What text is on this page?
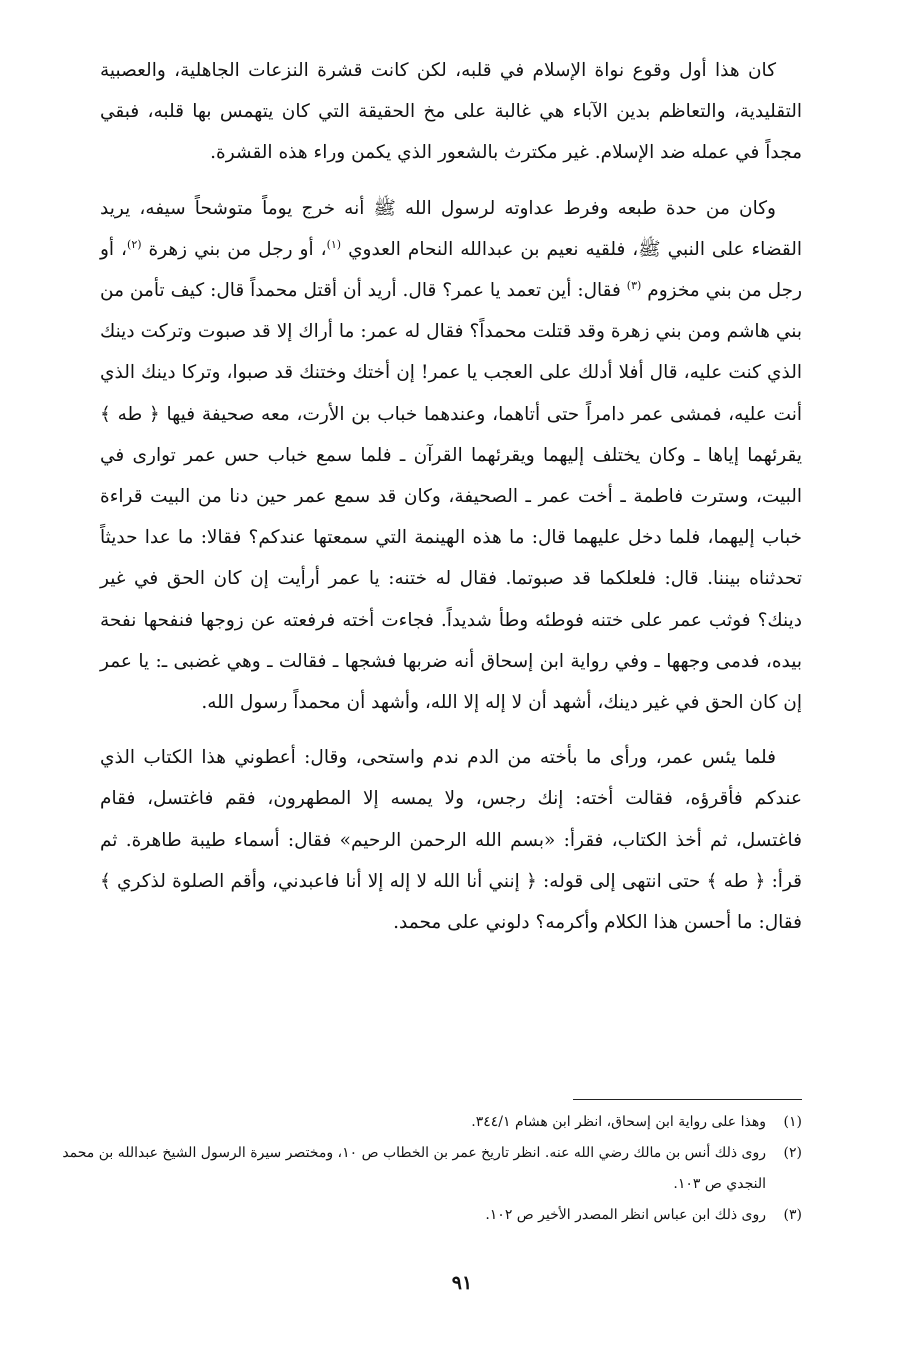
كان هذا أول وقوع نواة الإسلام في قلبه، لكن كانت قشرة النزعات الجاهلية، والعصبية التقليدية، والتعاظم بدين الآباء هي غالبة على مخ الحقيقة التي كان يتهمس بها قلبه، فبقي مجداً في عمله ضد الإسلام. غير مكترث بالشعور الذي يكمن وراء هذه القشرة.

وكان من حدة طبعه وفرط عداوته لرسول الله ﷺ أنه خرج يوماً متوشحاً سيفه، يريد القضاء على النبي ﷺ، فلقيه نعيم بن عبدالله النحام العدوي $^{(١)}$، أو رجل من بني زهرة $^{(٢)}$، أو رجل من بني مخزوم $^{(٣)}$ فقال: أين تعمد يا عمر؟ قال. أريد أن أقتل محمداً قال: كيف تأمن من بني هاشم ومن بني زهرة وقد قتلت محمداً؟ فقال له عمر: ما أراك إلا قد صبوت وتركت دينك الذي كنت عليه، قال أفلا أدلك على العجب يا عمر! إن أختك وختنك قد صبوا، وتركا دينك الذي أنت عليه، فمشى عمر دامراً حتى أتاهما، وعندهما خباب بن الأرت، معه صحيفة فيها ﴿ طه ﴾ يقرئهما إياها ـ وكان يختلف إليهما ويقرئهما القرآن ـ فلما سمع خباب حس عمر توارى في البيت، وسترت فاطمة ـ أخت عمر ـ الصحيفة، وكان قد سمع عمر حين دنا من البيت قراءة خباب إليهما، فلما دخل عليهما قال: ما هذه الهينمة التي سمعتها عندكم؟ فقالا: ما عدا حديثاً تحدثناه بيننا. قال: فلعلكما قد صبوتما. فقال له ختنه: يا عمر أرأيت إن كان الحق في غير دينك؟ فوثب عمر على ختنه فوطئه وطأ شديداً. فجاءت أخته فرفعته عن زوجها فنفحها نفحة بيده، فدمى وجهها ـ وفي رواية ابن إسحاق أنه ضربها فشجها ـ فقالت ـ وهي غضبى ـ: يا عمر إن كان الحق في غير دينك، أشهد أن لا إله إلا الله، وأشهد أن محمداً رسول الله.

فلما يئس عمر، ورأى ما بأخته من الدم ندم واستحى، وقال: أعطوني هذا الكتاب الذي عندكم فأقرؤه، فقالت أخته: إنك رجس، ولا يمسه إلا المطهرون، فقم فاغتسل، فقام فاغتسل، ثم أخذ الكتاب، فقرأ: «بسم الله الرحمن الرحيم» فقال: أسماء طيبة طاهرة. ثم قرأ: ﴿ طه ﴾ حتى انتهى إلى قوله: ﴿ إنني أنا الله لا إله إلا أنا فاعبدني، وأقم الصلوة لذكري ﴾ فقال: ما أحسن هذا الكلام وأكرمه؟ دلوني على محمد.

(١)
وهذا على رواية ابن إسحاق، انظر ابن هشام ٣٤٤/١.

(٢)
روى ذلك أنس بن مالك رضي الله عنه. انظر تاريخ عمر بن الخطاب ص ١٠، ومختصر سيرة الرسول الشيخ عبدالله بن محمد النجدي ص ١٠٣.

(٣)
روى ذلك ابن عباس انظر المصدر الأخير ص ١٠٢.

٩١
